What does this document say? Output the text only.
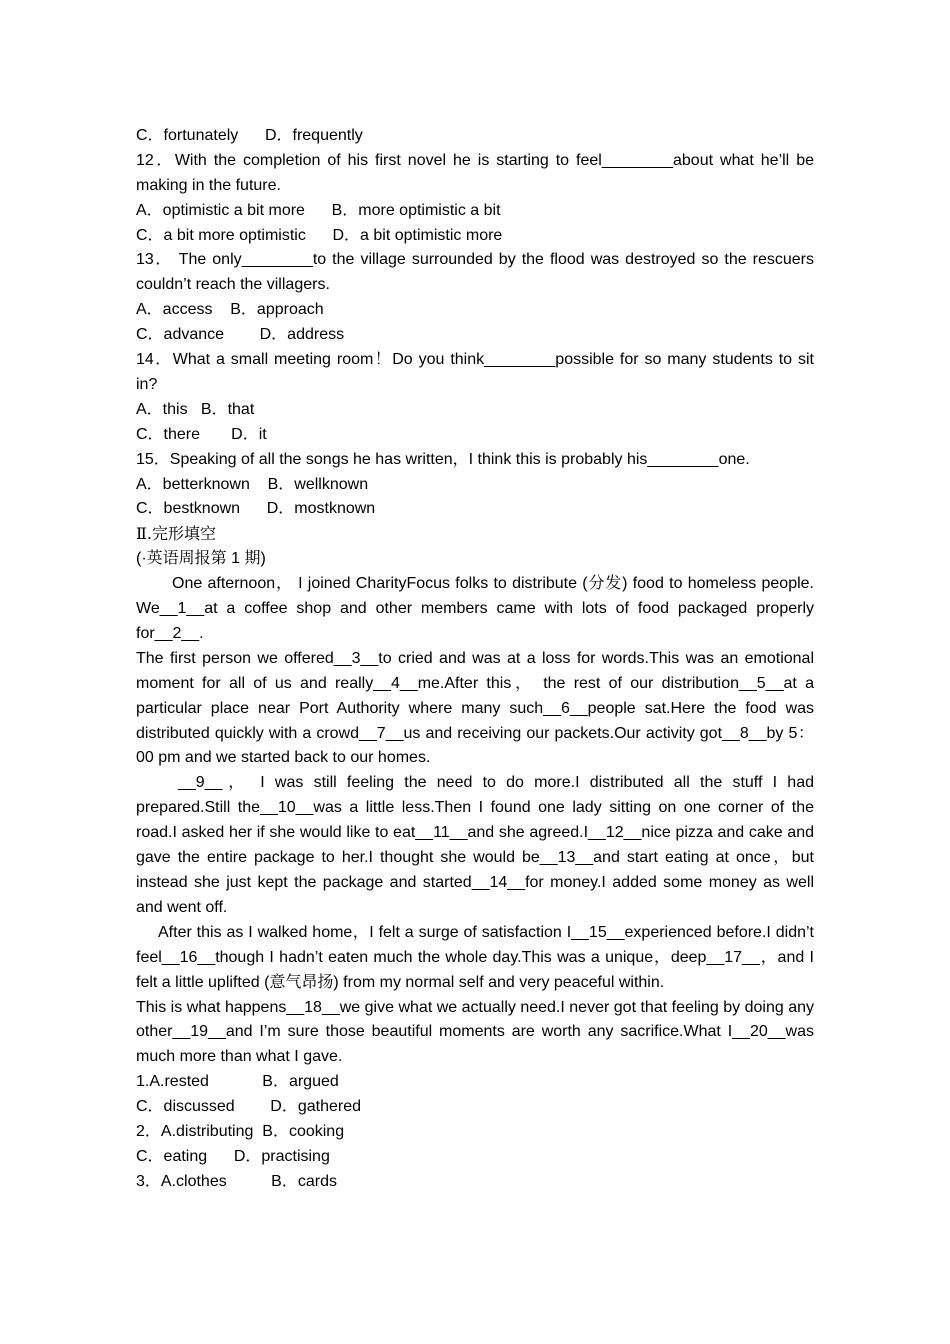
C．fortunately      D．frequently
12．With the completion of his first novel he is starting to feel________about what he’ll be making in the future.
A．optimistic a bit more      B．more optimistic a bit
C．a bit more optimistic      D．a bit optimistic more
13． The only________to the village surrounded by the flood was destroyed so the rescuers couldn’t reach the villagers.
A．access    B．approach
C．advance        D．address
14．What a small meeting room！Do you think________possible for so many students to sit in?
A．this   B．that
C．there       D．it
15．Speaking of all the songs he has written，I think this is probably his________one.
A．betterknown    B．wellknown
C．bestknown      D．mostknown
Ⅱ.完形填空
(·英语周报第 1 期)
One afternoon， I joined CharityFocus folks to distribute (分发) food to homeless people. We__1__at a coffee shop and other members came with lots of food packaged properly for__2__.
The first person we offered__3__to cried and was at a loss for words.This was an emotional moment for all of us and really__4__me.After this， the rest of our distribution__5__at a particular place near Port Authority where many such__6__people sat.Here the food was distributed quickly with a crowd__7__us and receiving our packets.Our activity got__8__by 5：00 pm and we started back to our homes.
__9__， I was still feeling the need to do more.I distributed all the stuff I had prepared.Still the__10__was a little less.Then I found one lady sitting on one corner of the road.I asked her if she would like to eat__11__and she agreed.I__12__nice pizza and cake and gave the entire package to her.I thought she would be__13__and start eating at once，but instead she just kept the package and started__14__for money.I added some money as well and went off.
After this as I walked home，I felt a surge of satisfaction I__15__experienced before.I didn’t feel__16__though I hadn’t eaten much the whole day.This was a unique，deep__17__，and I felt a little uplifted (意气昂扬) from my normal self and very peaceful within.
This is what happens__18__we give what we actually need.I never got that feeling by doing any other__19__and I’m sure those beautiful moments are worth any sacrifice.What I__20__was much more than what I gave.
1.A.rested            B．argued
C．discussed        D．gathered
2．A.distributing  B．cooking
C．eating      D．practising
3．A.clothes          B．cards
